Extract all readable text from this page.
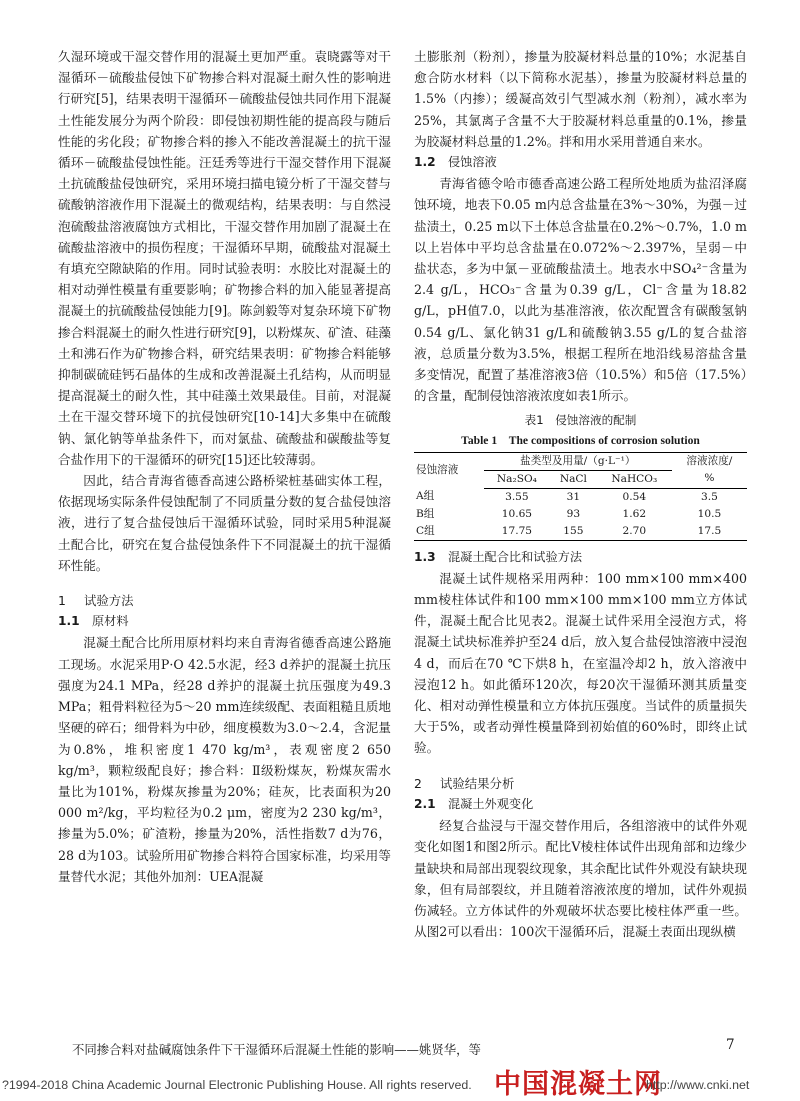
久湿环境或干湿交替作用的混凝土更加严重。袁晓露等对干湿循环－硫酸盐侵蚀下矿物掺合料对混凝土耐久性的影响进行研究[5]，结果表明干湿循环－硫酸盐侵蚀共同作用下混凝土性能发展分为两个阶段：即侵蚀初期性能的提高段与随后性能的劣化段；矿物掺合料的掺入不能改善混凝土的抗干湿循环－硫酸盐侵蚀性能。汪廷秀等进行干湿交替作用下混凝土抗硫酸盐侵蚀研究，采用环境扫描电镜分析了干湿交替与硫酸钠溶液作用下混凝土的微观结构，结果表明：与自然浸泡硫酸盐溶液腐蚀方式相比，干湿交替作用加剧了混凝土在硫酸盐溶液中的损伤程度；干湿循环早期，硫酸盐对混凝土有填充空隙缺陷的作用。同时试验表明：水胶比对混凝土的相对动弹性模量有重要影响；矿物掺合料的加入能显著提高混凝土的抗硫酸盐侵蚀能力[9]。陈剑毅等对复杂环境下矿物掺合料混凝土的耐久性进行研究[9]，以粉煤灰、矿渣、硅藻土和沸石作为矿物掺合料，研究结果表明：矿物掺合料能够抑制碳硫硅钙石晶体的生成和改善混凝土孔结构，从而明显提高混凝土的耐久性，其中硅藻土效果最佳。目前，对混凝土在干湿交替环境下的抗侵蚀研究[10-14]大多集中在硫酸钠、氯化钠等单盐条件下，而对氯盐、硫酸盐和碳酸盐等复合盐作用下的干湿循环的研究[15]还比较薄弱。

因此，结合青海省德香高速公路桥梁桩基础实体工程，依据现场实际条件侵蚀配制了不同质量分数的复合盐侵蚀溶液，进行了复合盐侵蚀后干湿循环试验，同时采用5种混凝土配合比，研究在复合盐侵蚀条件下不同混凝土的抗干湿循环性能。

1 试验方法
1.1 原材料

混凝土配合比所用原材料均来自青海省德香高速公路施工现场。水泥采用P·O 42.5水泥，经3 d养护的混凝土抗压强度为24.1 MPa，经28 d养护的混凝土抗压强度为49.3 MPa；粗骨料粒径为5～20 mm连续级配、表面粗糙且质地坚硬的碎石；细骨料为中砂，细度模数为3.0～2.4，含泥量为0.8%，堆积密度1 470 kg/m³，表观密度2 650 kg/m³，颗粒级配良好；掺合料：Ⅱ级粉煤灰，粉煤灰需水量比为101%，粉煤灰掺量为20%；硅灰，比表面积为20 000 m²/kg，平均粒径为0.2 μm，密度为2 230 kg/m³，掺量为5.0%；矿渣粉，掺量为20%，活性指数7 d为76，28 d为103。试验所用矿物掺合料符合国家标准，均采用等量替代水泥；其他外加剂：UEA混凝

土膨胀剂（粉剂），掺量为胶凝材料总量的10%；水泥基自愈合防水材料（以下简称水泥基），掺量为胶凝材料总量的1.5%（内掺）；缓凝高效引气型减水剂（粉剂），减水率为25%，其氯离子含量不大于胶凝材料总重量的0.1%，掺量为胶凝材料总量的1.2%。拌和用水采用普通自来水。

1.2 侵蚀溶液

青海省德令哈市德香高速公路工程所处地质为盐沼泽腐蚀环境，地表下0.05 m内总含盐量在3%～30%，为强－过盐渍土，0.25 m以下土体总含盐量在0.2%～0.7%，1.0 m以上岩体中平均总含盐量在0.072%～2.397%，呈弱－中盐状态，多为中氯－亚硫酸盐渍土。地表水中SO₄²⁻含量为2.4 g/L，HCO₃⁻含量为0.39 g/L，Cl⁻含量为18.82 g/L，pH值7.0，以此为基准溶液，依次配置含有碳酸氢钠0.54 g/L、氯化钠31 g/L和硫酸钠3.55 g/L的复合盐溶液，总质量分数为3.5%，根据工程所在地沿线易溶盐含量多变情况，配置了基准溶液3倍（10.5%）和5倍（17.5%）的含量，配制侵蚀溶液浓度如表1所示。

表1　侵蚀溶液的配制
Table 1　The compositions of corrosion solution
侵蚀溶液	盐类型及用量/（g·L⁻¹）			溶液浓度/
	Na₂SO₄	NaCl	NaHCO₃	%
A组	3.55	31	0.54	3.5
B组	10.65	93	1.62	10.5
C组	17.75	155	2.70	17.5
1.3 混凝土配合比和试验方法

混凝土试件规格采用两种：100 mm×100 mm×400 mm棱柱体试件和100 mm×100 mm×100 mm立方体试件，混凝土配合比见表2。混凝土试件采用全浸泡方式，将混凝土试块标准养护至24 d后，放入复合盐侵蚀溶液中浸泡4 d，而后在70 ℃下烘8 h，在室温冷却2 h，放入溶液中浸泡12 h。如此循环120次，每20次干湿循环测其质量变化、相对动弹性模量和立方体抗压强度。当试件的质量损失大于5%，或者动弹性模量降到初始值的60%时，即终止试验。

2 试验结果分析
2.1 混凝土外观变化

经复合盐浸与干湿交替作用后，各组溶液中的试件外观变化如图1和图2所示。配比V棱柱体试件出现角部和边缘少量缺块和局部出现裂纹现象，其余配比试件外观没有缺块现象，但有局部裂纹，并且随着溶液浓度的增加，试件外观损伤减轻。立方体试件的外观破坏状态要比棱柱体严重一些。从图2可以看出：100次干湿循环后，混凝土表面出现纵横

不同掺合料对盐碱腐蚀条件下干湿循环后混凝土性能的影响——姚贤华，等	7
中国混凝土网
?1994-2018 China Academic Journal Electronic Publishing House. All rights reserved.	http://www.cnki.net
